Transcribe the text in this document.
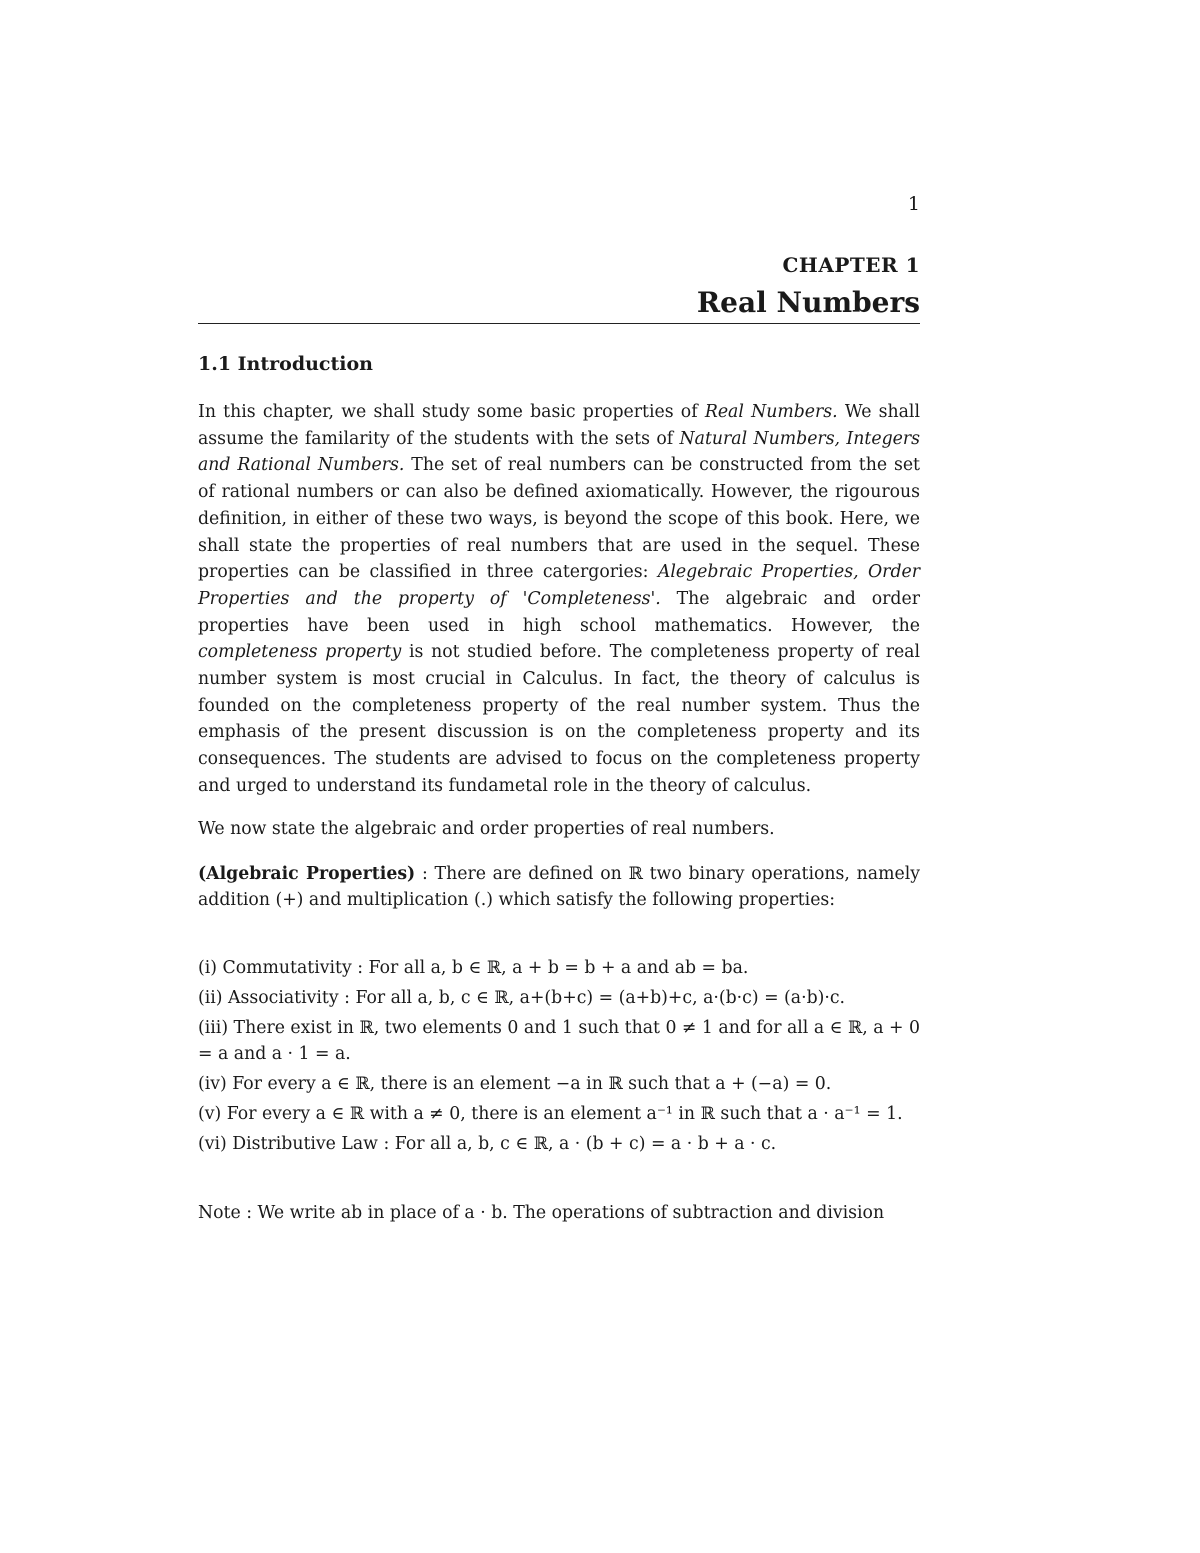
1
CHAPTER 1
Real Numbers
1.1 Introduction

In this chapter, we shall study some basic properties of Real Numbers. We shall assume the familarity of the students with the sets of Natural Numbers, Integers and Rational Numbers. The set of real numbers can be constructed from the set of rational numbers or can also be defined axiomatically. However, the rigourous definition, in either of these two ways, is beyond the scope of this book. Here, we shall state the properties of real numbers that are used in the sequel. These properties can be classified in three catergories: Alegebraic Properties, Order Properties and the property of 'Completeness'. The algebraic and order properties have been used in high school mathematics. However, the completeness property is not studied before. The completeness property of real number system is most crucial in Calculus. In fact, the theory of calculus is founded on the completeness property of the real number system. Thus the emphasis of the present discussion is on the completeness property and its consequences. The students are advised to focus on the completeness property and urged to understand its fundametal role in the theory of calculus.

We now state the algebraic and order properties of real numbers.

(Algebraic Properties) : There are defined on ℝ two binary operations, namely addition (+) and multiplication (.) which satisfy the following properties:

(i) Commutativity : For all a, b ∈ ℝ, a + b = b + a and ab = ba.
(ii) Associativity : For all a, b, c ∈ ℝ, a+(b+c) = (a+b)+c, a·(b·c) = (a·b)·c.
(iii) There exist in ℝ, two elements 0 and 1 such that 0 ≠ 1 and for all a ∈ ℝ, a + 0 = a and a · 1 = a.
(iv) For every a ∈ ℝ, there is an element −a in ℝ such that a + (−a) = 0.
(v) For every a ∈ ℝ with a ≠ 0, there is an element a⁻¹ in ℝ such that a · a⁻¹ = 1.
(vi) Distributive Law : For all a, b, c ∈ ℝ, a · (b + c) = a · b + a · c.
Note : We write ab in place of a · b. The operations of subtraction and division
